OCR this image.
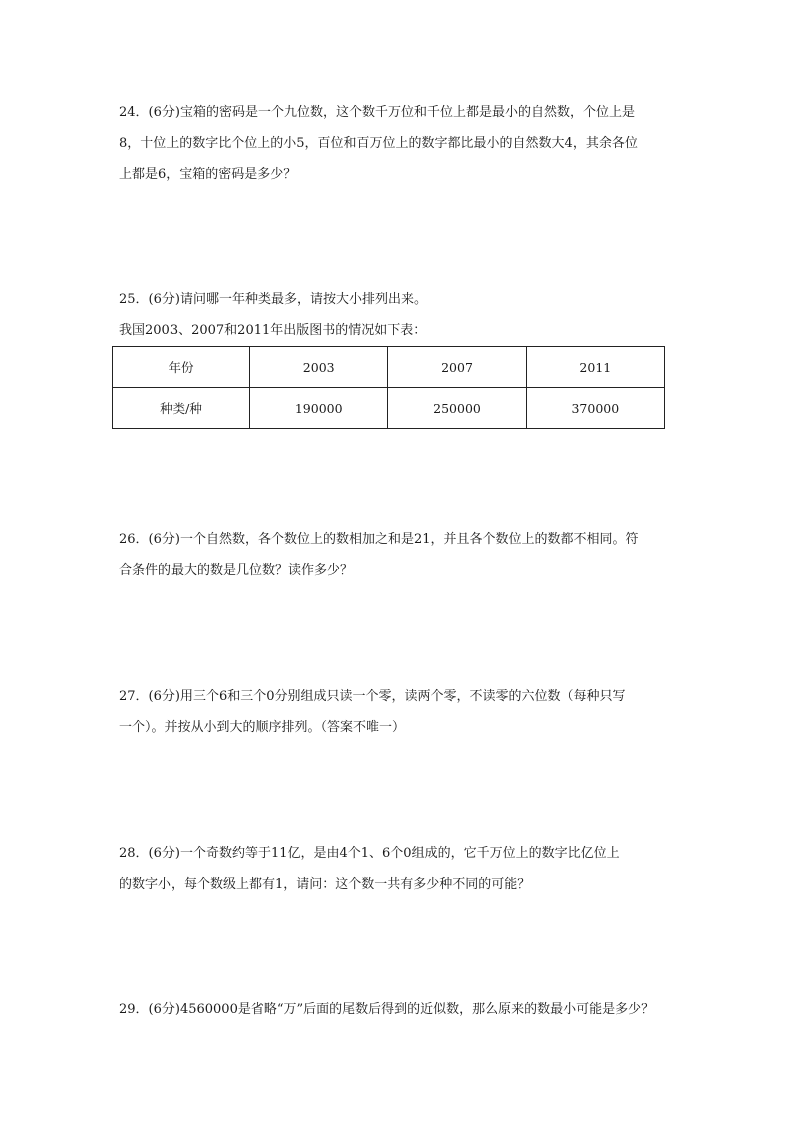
24．(6分)宝箱的密码是一个九位数，这个数千万位和千位上都是最小的自然数，个位上是

8，十位上的数字比个位上的小5，百位和百万位上的数字都比最小的自然数大4，其余各位

上都是6，宝箱的密码是多少？

25．(6分)请问哪一年种类最多，请按大小排列出来。

我国2003、2007和2011年出版图书的情况如下表：

年份	2003	2007	2011
种类/种	190000	250000	370000

26．(6分)一个自然数，各个数位上的数相加之和是21，并且各个数位上的数都不相同。符

合条件的最大的数是几位数？读作多少？

27．(6分)用三个6和三个0分别组成只读一个零，读两个零，不读零的六位数（每种只写

一个）。并按从小到大的顺序排列。（答案不唯一）

28．(6分)一个奇数约等于11亿，是由4个1、6个0组成的，它千万位上的数字比亿位上

的数字小，每个数级上都有1，请问：这个数一共有多少种不同的可能？

29．(6分)4560000是省略“万”后面的尾数后得到的近似数，那么原来的数最小可能是多少？
